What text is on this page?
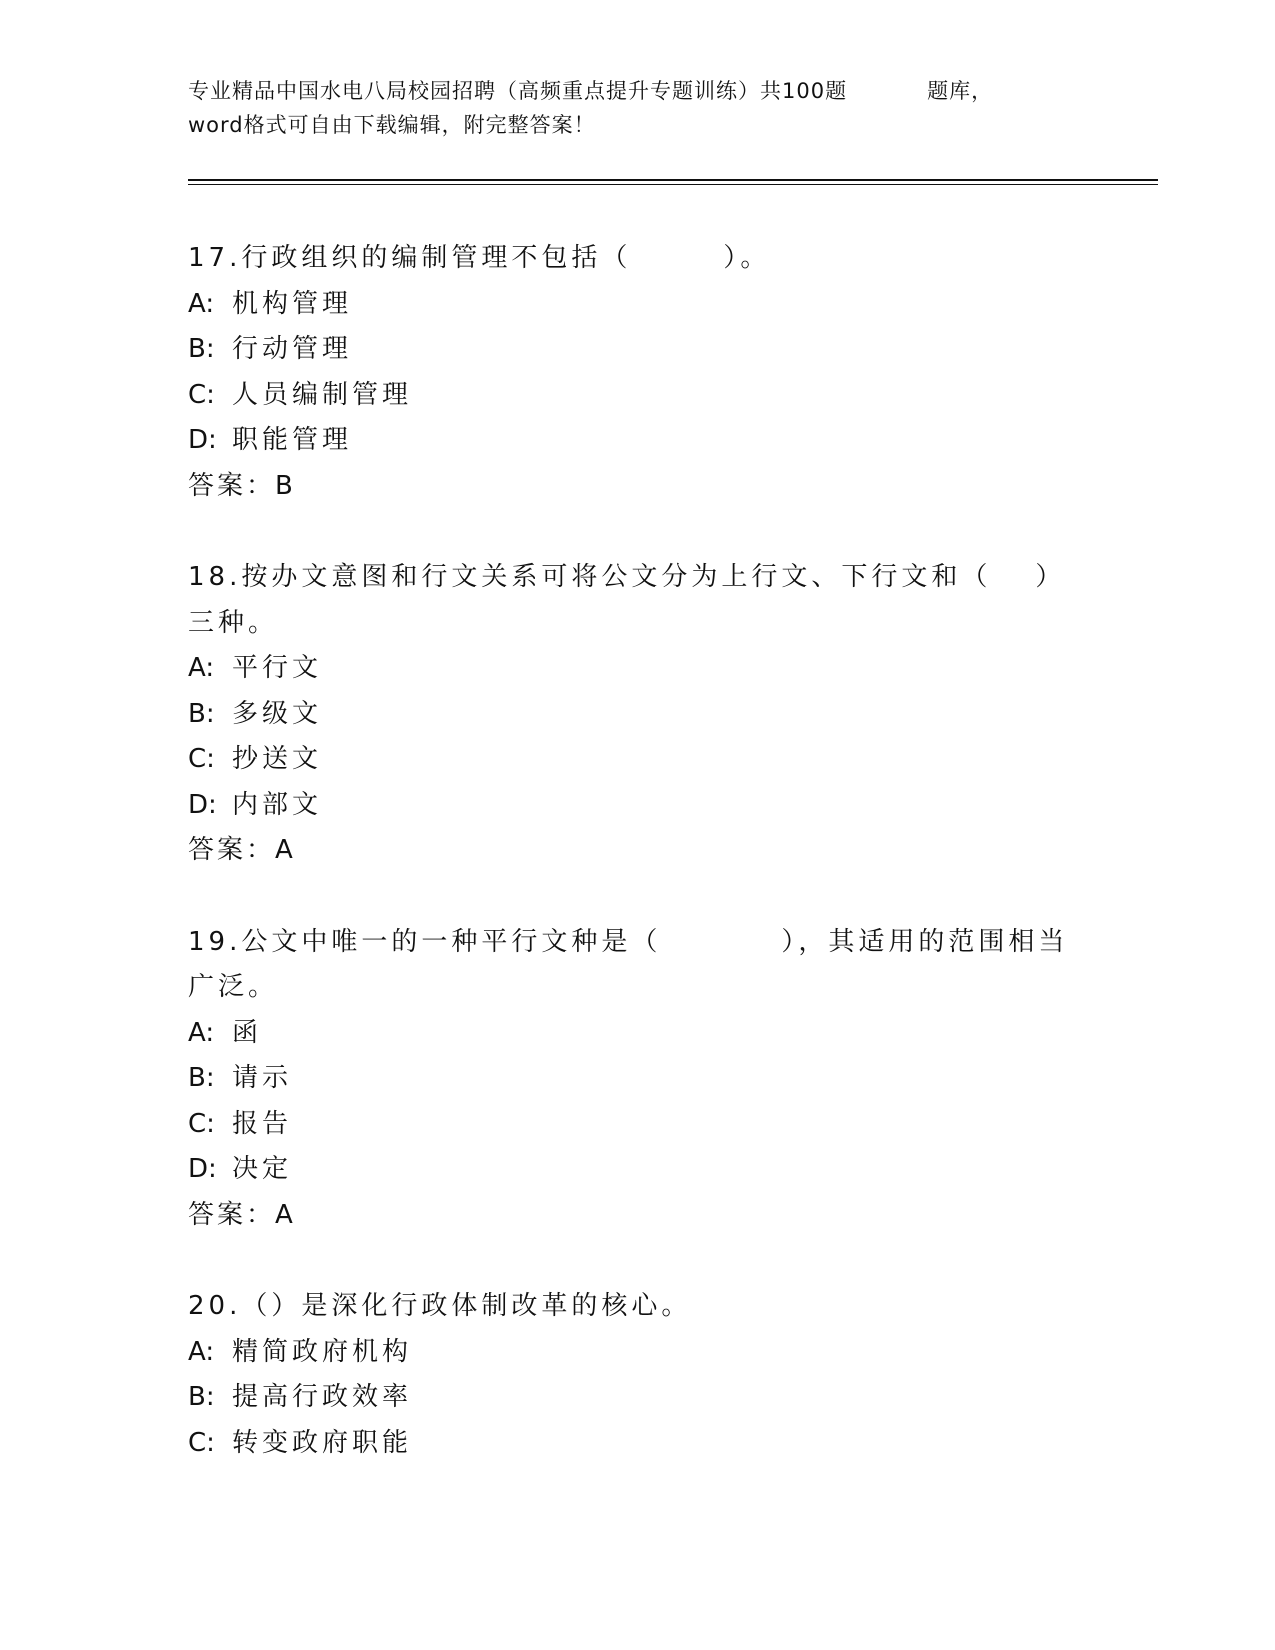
专业精品中国水电八局校园招聘（高频重点提升专题训练）共100题	题库，
word格式可自由下载编辑，附完整答案！
17.行政组织的编制管理不包括（	）。
A: 机构管理
B: 行动管理
C: 人员编制管理
D: 职能管理
答案：B
18.按办文意图和行文关系可将公文分为上行文、下行文和（ ）三种。
A: 平行文
B: 多级文
C: 抄送文
D: 内部文
答案：A
19.公文中唯一的一种平行文种是（	），其适用的范围相当广泛。
A: 函
B: 请示
C: 报告
D: 决定
答案：A
20.（）是深化行政体制改革的核心。
A: 精简政府机构
B: 提高行政效率
C: 转变政府职能
